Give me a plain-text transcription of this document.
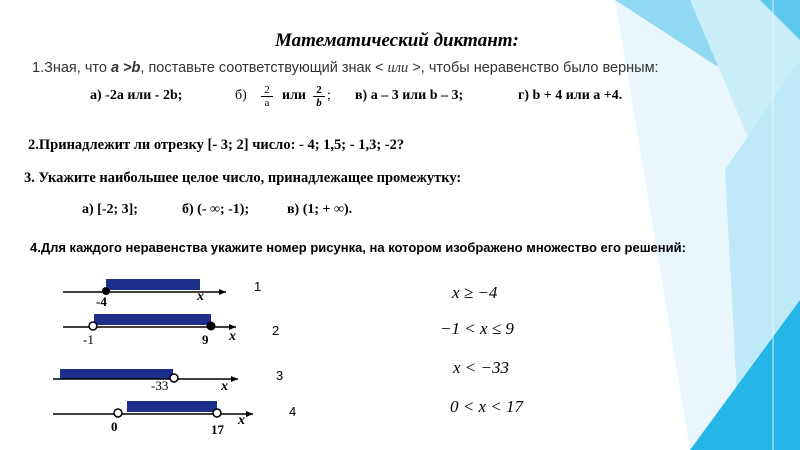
Математический диктант:
1.Зная, что a >b, поставьте соответствующий знак < или >, чтобы неравенство было верным:
а) -2а или - 2b;	$б) \frac{2}{a}$ или $\frac{2}{b}$ ; в) а – 3 или b – 3;	г) b + 4 или а +4.
2.Принадлежит ли отрезку [- 3; 2] число: - 4; 1,5; - 1,3; -2?
3. Укажите наибольшее целое число, принадлежащее промежутку:
а) [-2; 3];	б) (- ∞; -1);	в) (1; + ∞).
4.Для каждого неравенства укажите номер рисунка, на котором изображено множество его решений:
-4	x
1
-1	9 x	2
-33	x
3
0	17
x
4
x ≥ −4
−1 < x ≤ 9
x < −33
0 < x < 17
